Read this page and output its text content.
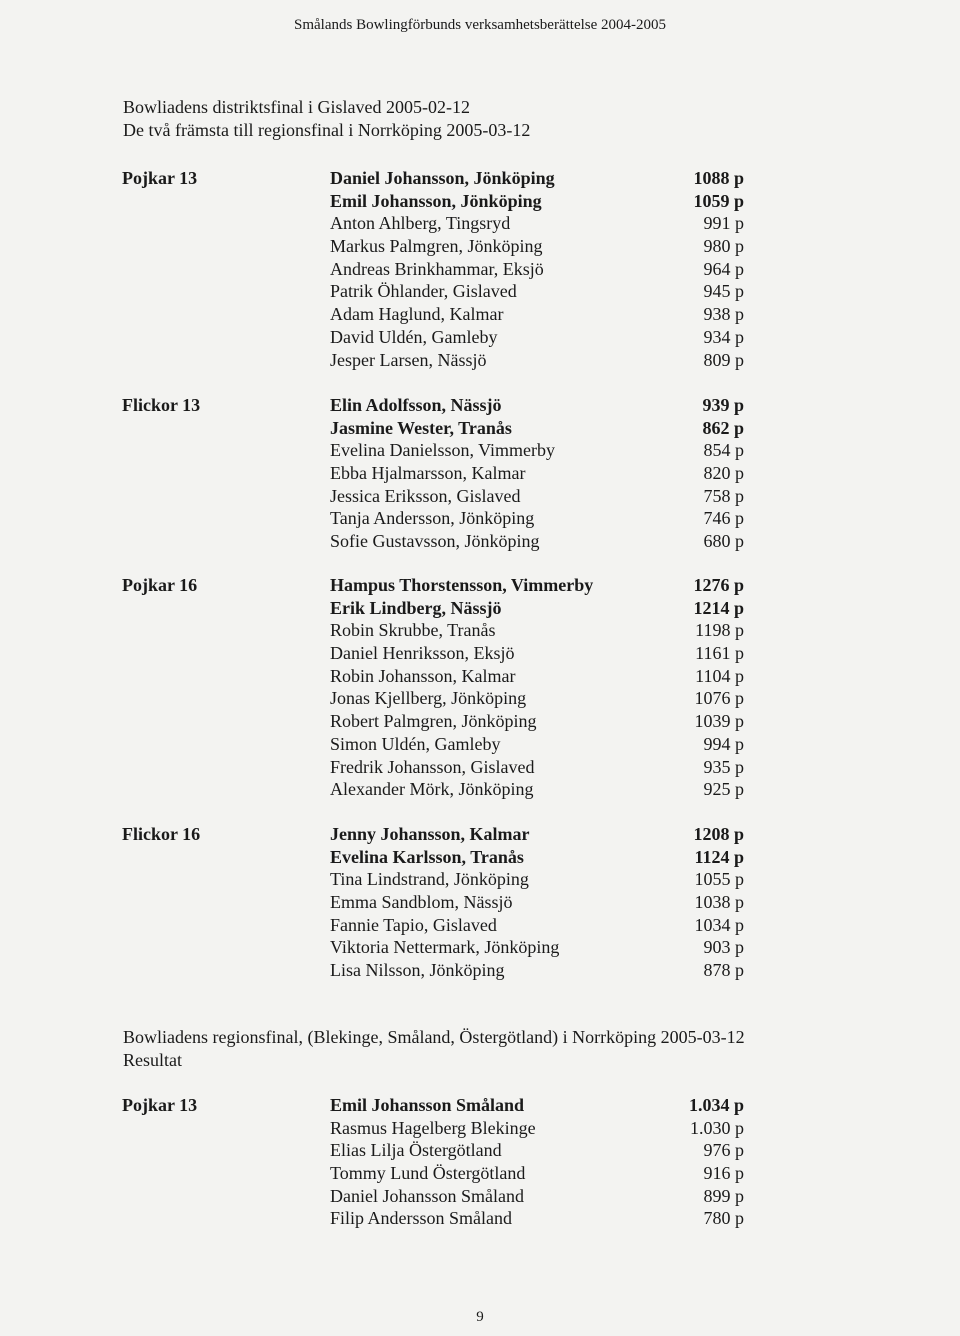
Smålands Bowlingförbunds verksamhetsberättelse 2004-2005
Bowliadens distriktsfinal i Gislaved 2005-02-12
De två främsta till regionsfinal i Norrköping 2005-03-12
Pojkar 13	Daniel Johansson, Jönköping	1088 p
Emil Johansson, Jönköping	1059 p
Anton Ahlberg, Tingsryd	991 p
Markus Palmgren, Jönköping	980 p
Andreas Brinkhammar, Eksjö	964 p
Patrik Öhlander, Gislaved	945 p
Adam Haglund, Kalmar	938 p
David Uldén, Gamleby	934 p
Jesper Larsen, Nässjö	809 p
Flickor 13	Elin Adolfsson, Nässjö	939 p
Jasmine Wester, Tranås	862 p
Evelina Danielsson, Vimmerby	854 p
Ebba Hjalmarsson, Kalmar	820 p
Jessica Eriksson, Gislaved	758 p
Tanja Andersson, Jönköping	746 p
Sofie Gustavsson, Jönköping	680 p
Pojkar 16	Hampus Thorstensson, Vimmerby	1276 p
Erik Lindberg, Nässjö	1214 p
Robin Skrubbe, Tranås	1198 p
Daniel Henriksson, Eksjö	1161 p
Robin Johansson, Kalmar	1104 p
Jonas Kjellberg, Jönköping	1076 p
Robert Palmgren, Jönköping	1039 p
Simon Uldén, Gamleby	994 p
Fredrik Johansson, Gislaved	935 p
Alexander Mörk, Jönköping	925 p
Flickor 16	Jenny Johansson, Kalmar	1208 p
Evelina Karlsson, Tranås	1124 p
Tina Lindstrand, Jönköping	1055 p
Emma Sandblom, Nässjö	1038 p
Fannie Tapio, Gislaved	1034 p
Viktoria Nettermark, Jönköping	903 p
Lisa Nilsson, Jönköping	878 p
Bowliadens regionsfinal, (Blekinge, Småland, Östergötland) i Norrköping 2005-03-12
Resultat
Pojkar 13	Emil Johansson Småland	1.034 p
Rasmus Hagelberg Blekinge	1.030 p
Elias Lilja Östergötland	976 p
Tommy Lund Östergötland	916 p
Daniel Johansson Småland	899 p
Filip Andersson Småland	780 p
9
